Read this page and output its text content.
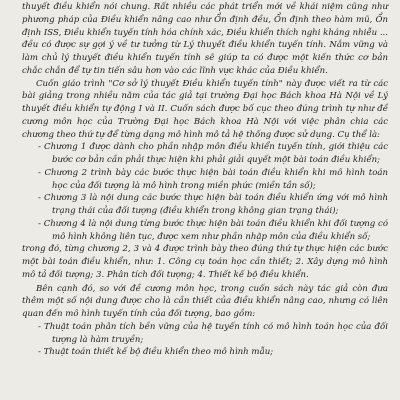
thuyết điều khiển nói chung. Rất nhiều các phát triển mới về khái niệm cũng như phương pháp của Điều khiển nâng cao như Ổn định đều, Ổn định theo hàm mũ, Ổn định ISS, Điều khiển tuyến tính hóa chính xác, Điều khiển thích nghi kháng nhiễu ... đều có được sự gợi ý về tư tưởng từ Lý thuyết điều khiển tuyến tính. Nắm vững và làm chủ lý thuyết điều khiển tuyến tính sẽ giúp ta có được một kiến thức cơ bản chắc chắn để tự tin tiến sâu hơn vào các lĩnh vực khác của Điều khiển.

Cuốn giáo trình "Cơ sở lý thuyết Điều khiển tuyến tính" này được viết ra từ các bài giảng trong nhiều năm của tác giả tại trường Đại học Bách khoa Hà Nội về Lý thuyết điều khiển tự động I và II. Cuốn sách được bố cục theo đúng trình tự như đề cương môn học của Trường Đại học Bách khoa Hà Nội với việc phân chia các chương theo thứ tự để từng dạng mô hình mô tả hệ thống được sử dụng. Cụ thể là:

- Chương 1 được dành cho phần nhập môn điều khiển tuyến tính, giới thiệu các bước cơ bản cần phải thực hiện khi phải giải quyết một bài toán điều khiển;

- Chương 2 trình bày các bước thực hiện bài toán điều khiển khi mô hình toán học của đối tượng là mô hình trong miền phức (miền tần số);

- Chương 3 là nội dung các bước thực hiện bài toán điều khiển ứng với mô hình trạng thái của đối tượng (điều khiển trong không gian trạng thái);

- Chương 4 là nội dung từng bước thực hiện bài toán điều khiển khi đối tượng có mô hình không liên tục, được xem như phần nhập môn của điều khiển số;

trong đó, từng chương 2, 3 và 4 được trình bày theo đúng thứ tự thực hiện các bước một bài toán điều khiển, như: 1. Công cụ toán học cần thiết; 2. Xây dựng mô hình mô tả đối tượng; 3. Phân tích đối tượng; 4. Thiết kế bộ điều khiển.

Bên cạnh đó, so với đề cương môn học, trong cuốn sách này tác giả còn đưa thêm một số nội dung được cho là cần thiết của điều khiển nâng cao, nhưng có liên quan đến mô hình tuyến tính của đối tượng, bao gồm:

- Thuật toán phân tích bền vững của hệ tuyến tính có mô hình toán học của đối tượng là hàm truyền;

- Thuật toán thiết kế bộ điều khiển theo mô hình mẫu;
